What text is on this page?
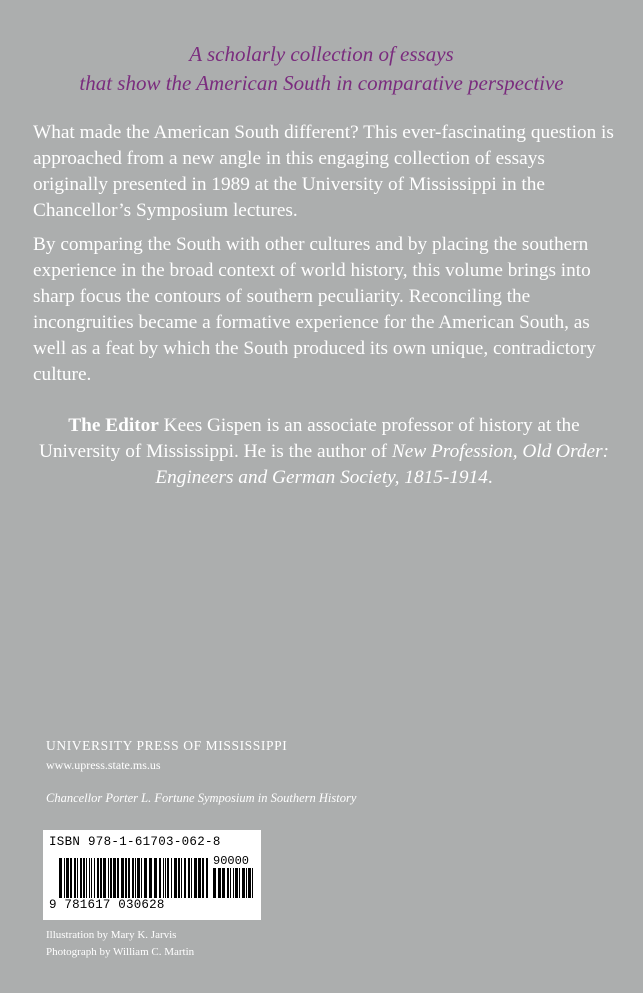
A scholarly collection of essays
that show the American South in comparative perspective

What made the American South different? This ever-fascinating question is approached from a new angle in this engaging collection of essays originally presented in 1989 at the University of Mississippi in the Chancellor’s Symposium lectures.

By comparing the South with other cultures and by placing the southern experience in the broad context of world history, this volume brings into sharp focus the contours of southern peculiarity. Reconciling the incongruities became a formative experience for the American South, as well as a feat by which the South produced its own unique, contradictory culture.

The Editor Kees Gispen is an associate professor of history at the University of Mississippi. He is the author of New Profession, Old Order: Engineers and German Society, 1815-1914.
UNIVERSITY PRESS OF MISSISSIPPI
www.upress.state.ms.us
Chancellor Porter L. Fortune Symposium in Southern History
ISBN 978-1-61703-062-8
90000
9 781617 030628
Illustration by Mary K. Jarvis
Photograph by William C. Martin
